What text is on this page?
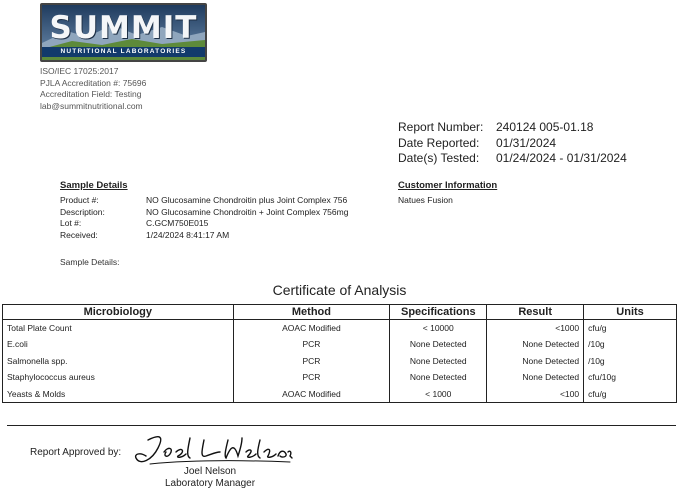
SUMMIT
NUTRITIONAL LABORATORIES
ISO/IEC 17025:2017
PJLA Accreditation #: 75696
Accreditation Field: Testing
lab@summitnutritional.com
Report Number:	240124 005-01.18
Date Reported:	01/31/2024
Date(s) Tested:	01/24/2024 - 01/31/2024
Sample Details
Product #:	NO Glucosamine Chondroitin plus Joint Complex 756
Description:	NO Glucosamine Chondroitin + Joint Complex 756mg
Lot #:	C.GCM750E015
Received:	1/24/2024 8:41:17 AM
Sample Details:
Customer Information
Natues Fusion
Certificate of Analysis
Microbiology	Method	Specifications	Result	Units
Total Plate Count	AOAC Modified	< 10000	<1000	cfu/g
E.coli	PCR	None Detected	None Detected	/10g
Salmonella spp.	PCR	None Detected	None Detected	/10g
Staphylococcus aureus	PCR	None Detected	None Detected	cfu/10g
Yeasts & Molds	AOAC Modified	< 1000	<100	cfu/g
Report Approved by:
Joel Nelson
Laboratory Manager
